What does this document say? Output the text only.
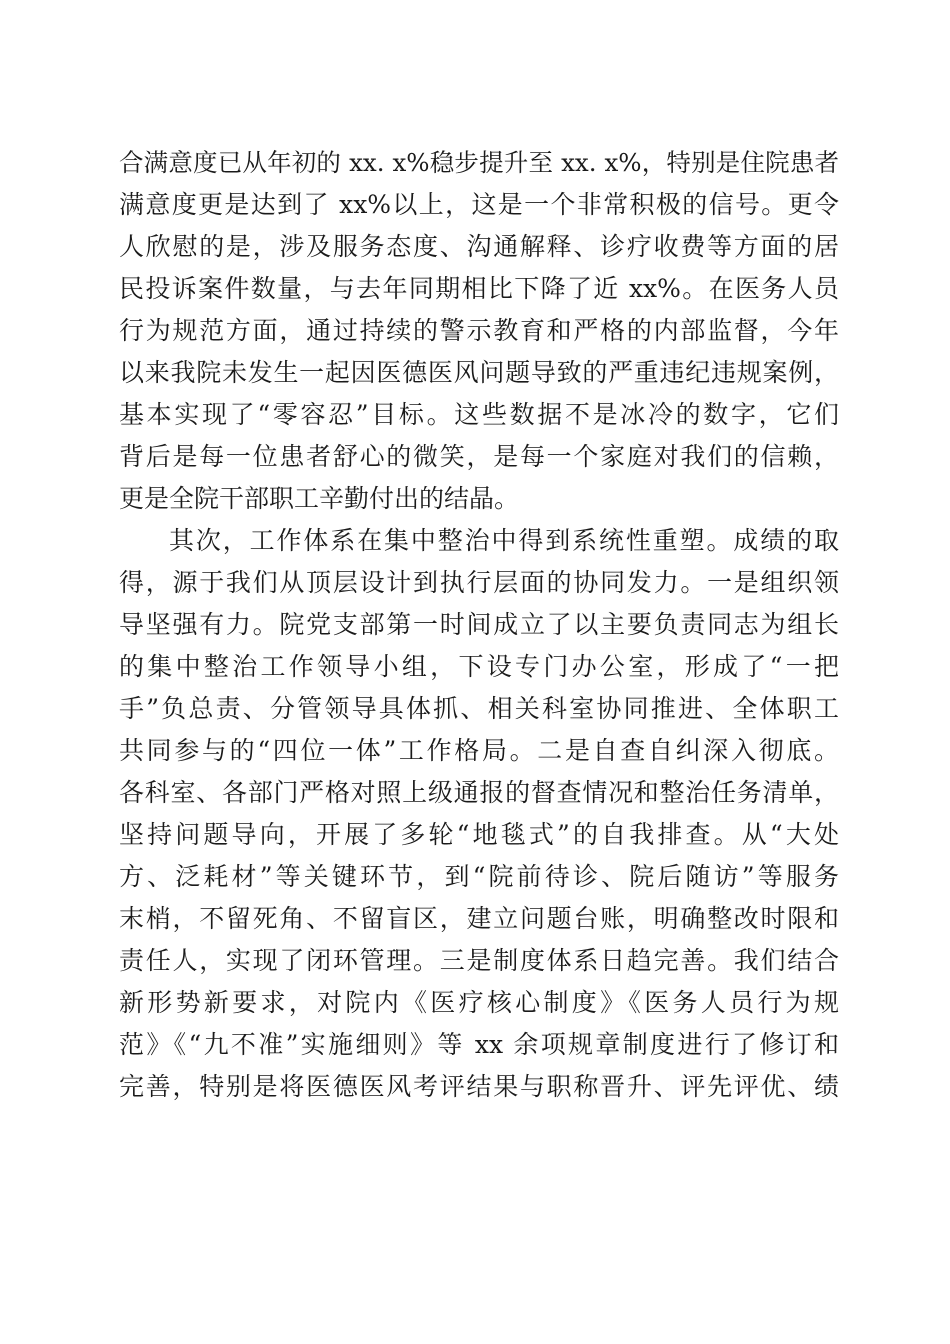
合满意度已从年初的 xx. x%稳步提升至 xx. x%，特别是住院患者
满意度更是达到了 xx%以上，这是一个非常积极的信号。更令
人欣慰的是，涉及服务态度、沟通解释、诊疗收费等方面的居
民投诉案件数量，与去年同期相比下降了近 xx%。在医务人员
行为规范方面，通过持续的警示教育和严格的内部监督，今年
以来我院未发生一起因医德医风问题导致的严重违纪违规案例，
基本实现了“零容忍”目标。这些数据不是冰冷的数字，它们
背后是每一位患者舒心的微笑，是每一个家庭对我们的信赖，
更是全院干部职工辛勤付出的结晶。
其次，工作体系在集中整治中得到系统性重塑。成绩的取
得，源于我们从顶层设计到执行层面的协同发力。一是组织领
导坚强有力。院党支部第一时间成立了以主要负责同志为组长
的集中整治工作领导小组，下设专门办公室，形成了“一把
手”负总责、分管领导具体抓、相关科室协同推进、全体职工
共同参与的“四位一体”工作格局。二是自查自纠深入彻底。
各科室、各部门严格对照上级通报的督查情况和整治任务清单，
坚持问题导向，开展了多轮“地毯式”的自我排查。从“大处
方、泛耗材”等关键环节，到“院前待诊、院后随访”等服务
末梢，不留死角、不留盲区，建立问题台账，明确整改时限和
责任人，实现了闭环管理。三是制度体系日趋完善。我们结合
新形势新要求，对院内《医疗核心制度》《医务人员行为规
范》《“九不准”实施细则》等 xx 余项规章制度进行了修订和
完善，特别是将医德医风考评结果与职称晋升、评先评优、绩
